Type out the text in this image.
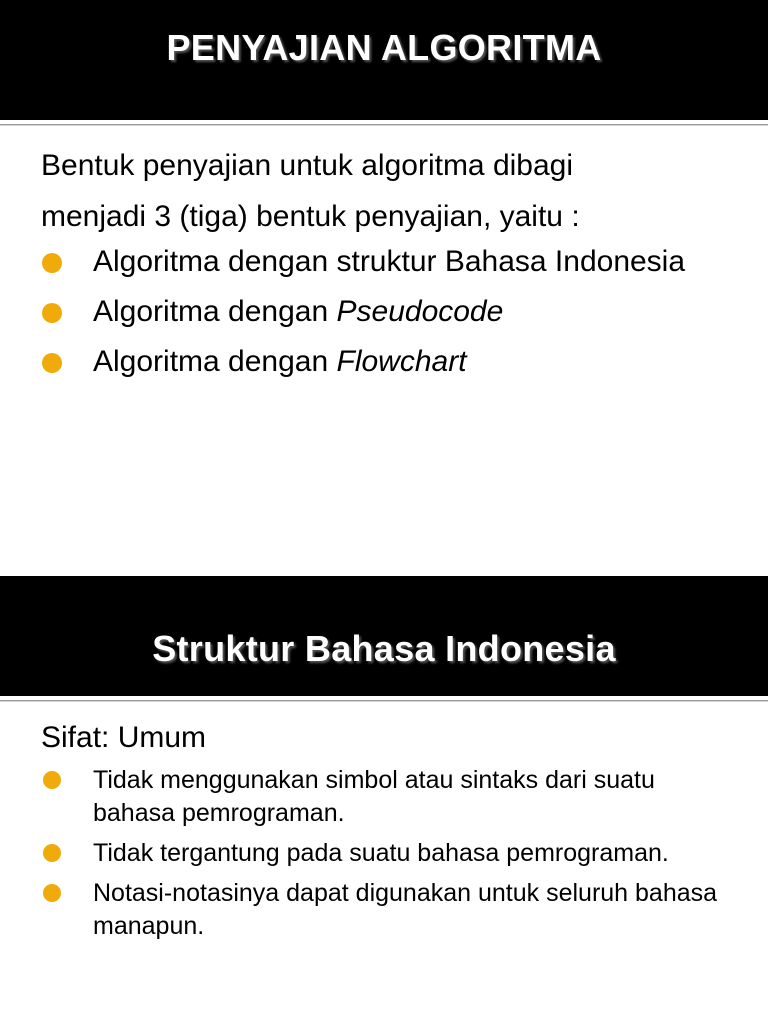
PENYAJIAN ALGORITMA

Bentuk penyajian untuk algoritma dibagi
menjadi 3 (tiga) bentuk penyajian, yaitu :

Algoritma dengan struktur Bahasa Indonesia
Algoritma dengan Pseudocode
Algoritma dengan Flowchart
Struktur Bahasa Indonesia

Sifat: Umum

Tidak menggunakan simbol atau sintaks dari suatu bahasa pemrograman.
Tidak tergantung pada suatu bahasa pemrograman.
Notasi-notasinya dapat digunakan untuk seluruh bahasa manapun.
